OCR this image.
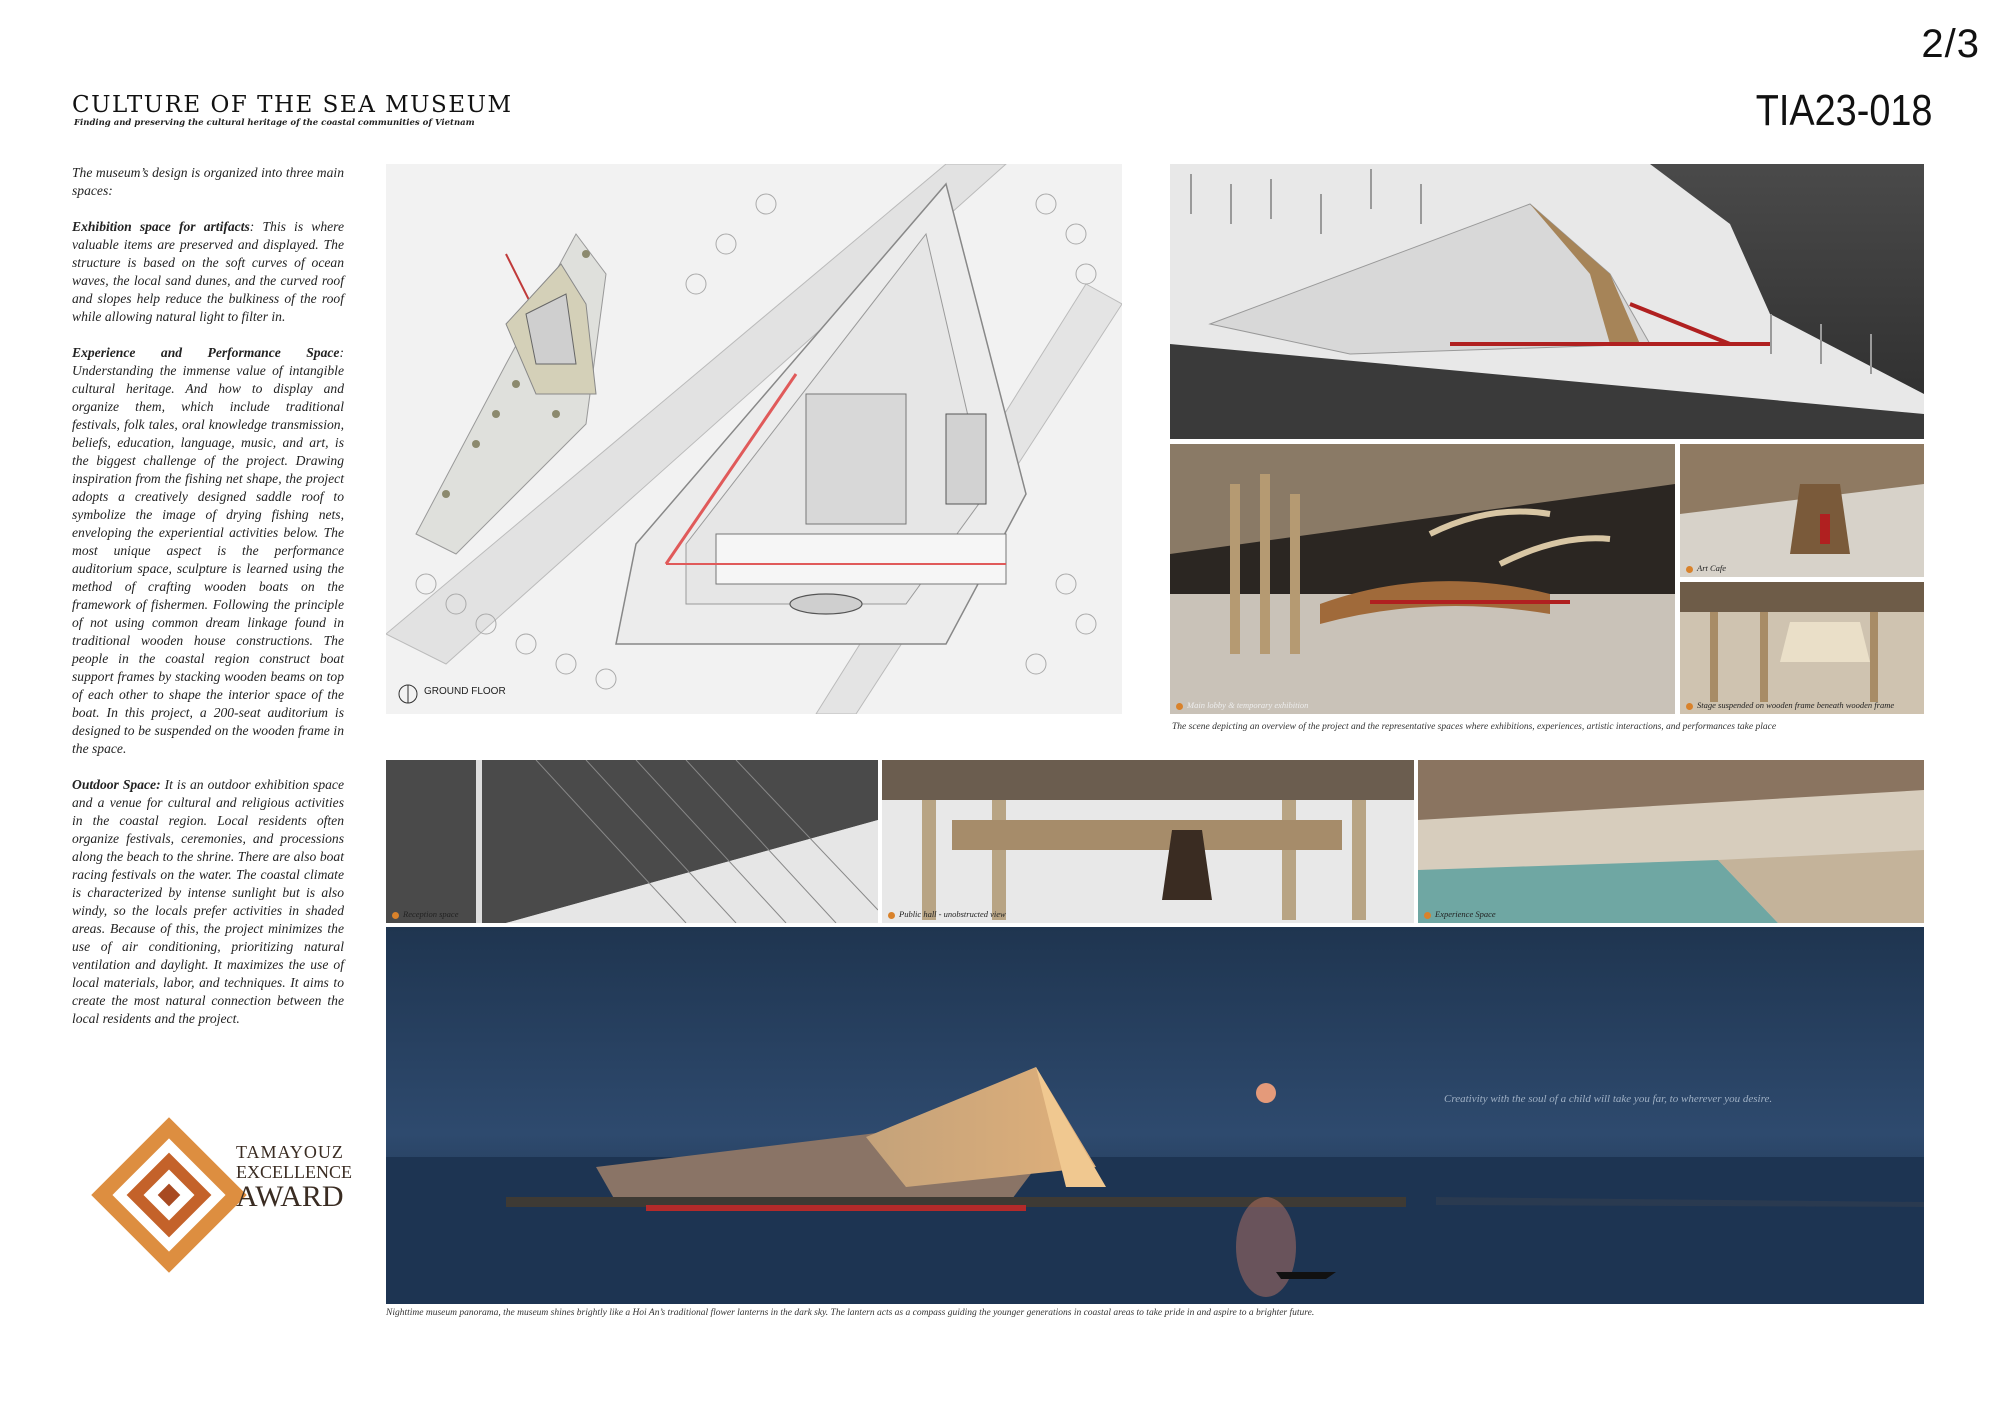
2/3
TIA23-018
CULTURE OF THE SEA MUSEUM
Finding and preserving the cultural heritage of the coastal communities of Vietnam

The museum’s design is organized into three main spaces:

Exhibition space for artifacts: This is where valuable items are preserved and displayed. The structure is based on the soft curves of ocean waves, the local sand dunes, and the curved roof and slopes help reduce the bulkiness of the roof while allowing natural light to filter in.

Experience and Performance Space: Understanding the immense value of intangible cultural heritage. And how to display and organize them, which include traditional festivals, folk tales, oral knowledge transmission, beliefs, education, language, music, and art, is the biggest challenge of the project. Drawing inspiration from the fishing net shape, the project adopts a creatively designed saddle roof to symbolize the image of drying fishing nets, enveloping the experiential activities below. The most unique aspect is the performance auditorium space, sculpture is learned using the method of crafting wooden boats on the framework of fishermen. Following the principle of not using common dream linkage found in traditional wooden house constructions. The people in the coastal region construct boat support frames by stacking wooden beams on top of each other to shape the interior space of the boat. In this project, a 200-seat auditorium is designed to be suspended on the wooden frame in the space.

Outdoor Space: It is an outdoor exhibition space and a venue for cultural and religious activities in the coastal region. Local residents often organize festivals, ceremonies, and processions along the beach to the shrine. There are also boat racing festivals on the water. The coastal climate is characterized by intense sunlight but is also windy, so the locals prefer activities in shaded areas. Because of this, the project minimizes the use of air conditioning, prioritizing natural ventilation and daylight. It maximizes the use of local materials, labor, and techniques. It aims to create the most natural connection between the local residents and the project.

GROUND FLOOR
Main lobby & temporary exhibition
Art Cafe
Stage suspended on wooden frame beneath wooden frame
The scene depicting an overview of the project and the representative spaces where exhibitions, experiences, artistic interactions, and performances take place
Reception space	Public hall - unobstructed view	Experience Space
Creativity with the soul of a child will take you far, to wherever you desire.
Nighttime museum panorama, the museum shines brightly like a Hoi An’s traditional flower lanterns in the dark sky. The lantern acts as a compass guiding the younger generations in coastal areas to take pride in and aspire to a brighter future.
TAMAYOUZ
EXCELLENCE
AWARD
